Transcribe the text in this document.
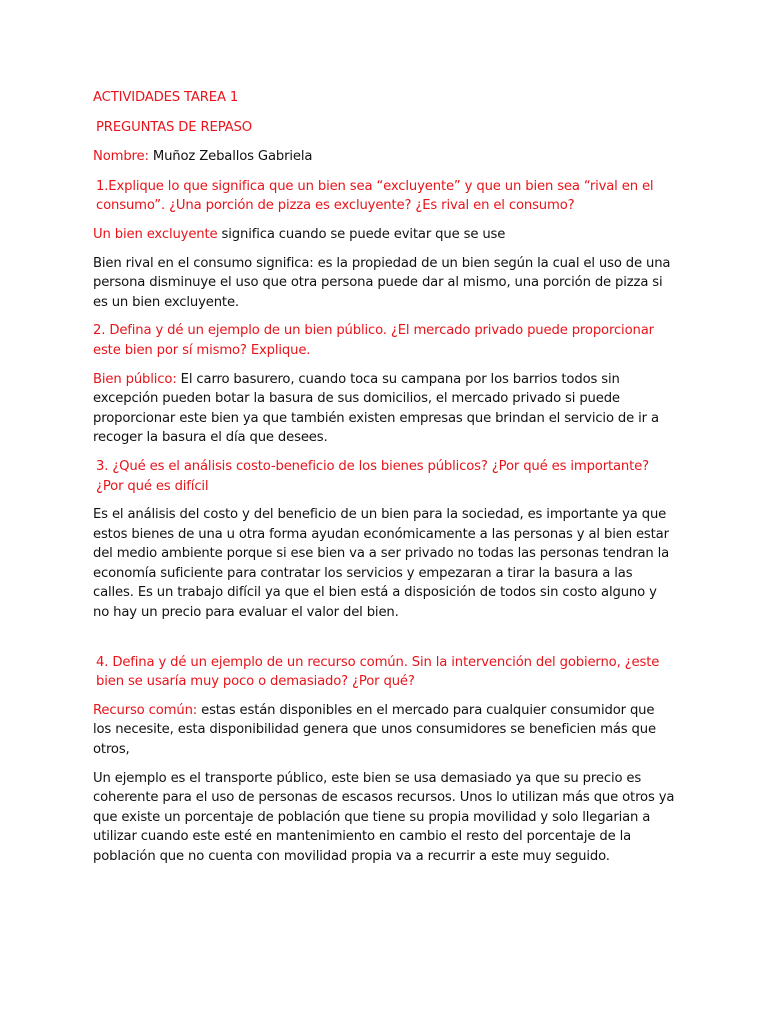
ACTIVIDADES TAREA 1

PREGUNTAS DE REPASO

Nombre: Muñoz Zeballos Gabriela

1.Explique lo que significa que un bien sea “excluyente” y que un bien sea “rival en el consumo”. ¿Una porción de pizza es excluyente? ¿Es rival en el consumo?

Un bien excluyente significa cuando se puede evitar que se use

Bien rival en el consumo significa: es la propiedad de un bien según la cual el uso de una persona disminuye el uso que otra persona puede dar al mismo, una porción de pizza si es un bien excluyente.

2. Defina y dé un ejemplo de un bien público. ¿El mercado privado puede proporcionar este bien por sí mismo? Explique.

Bien público: El carro basurero, cuando toca su campana por los barrios todos sin excepción pueden botar la basura de sus domicilios, el mercado privado si puede proporcionar este bien ya que también existen empresas que brindan el servicio de ir a recoger la basura el día que desees.

3. ¿Qué es el análisis costo-beneficio de los bienes públicos? ¿Por qué es importante? ¿Por qué es difícil

Es el análisis del costo y del beneficio de un bien para la sociedad, es importante ya que estos bienes de una u otra forma ayudan económicamente a las personas y al bien estar del medio ambiente porque si ese bien va a ser privado no todas las personas tendran la economía suficiente para contratar los servicios y empezaran a tirar la basura a las calles. Es un trabajo difícil ya que el bien está a disposición de todos sin costo alguno y no hay un precio para evaluar el valor del bien.

4. Defina y dé un ejemplo de un recurso común. Sin la intervención del gobierno, ¿este bien se usaría muy poco o demasiado? ¿Por qué?

Recurso común: estas están disponibles en el mercado para cualquier consumidor que los necesite, esta disponibilidad genera que unos consumidores se beneficien más que otros,

Un ejemplo es el transporte público, este bien se usa demasiado ya que su precio es coherente para el uso de personas de escasos recursos. Unos lo utilizan más que otros ya que existe un porcentaje de población que tiene su propia movilidad y solo llegarian a utilizar cuando este esté en mantenimiento en cambio el resto del porcentaje de la población que no cuenta con movilidad propia va a recurrir a este muy seguido.
